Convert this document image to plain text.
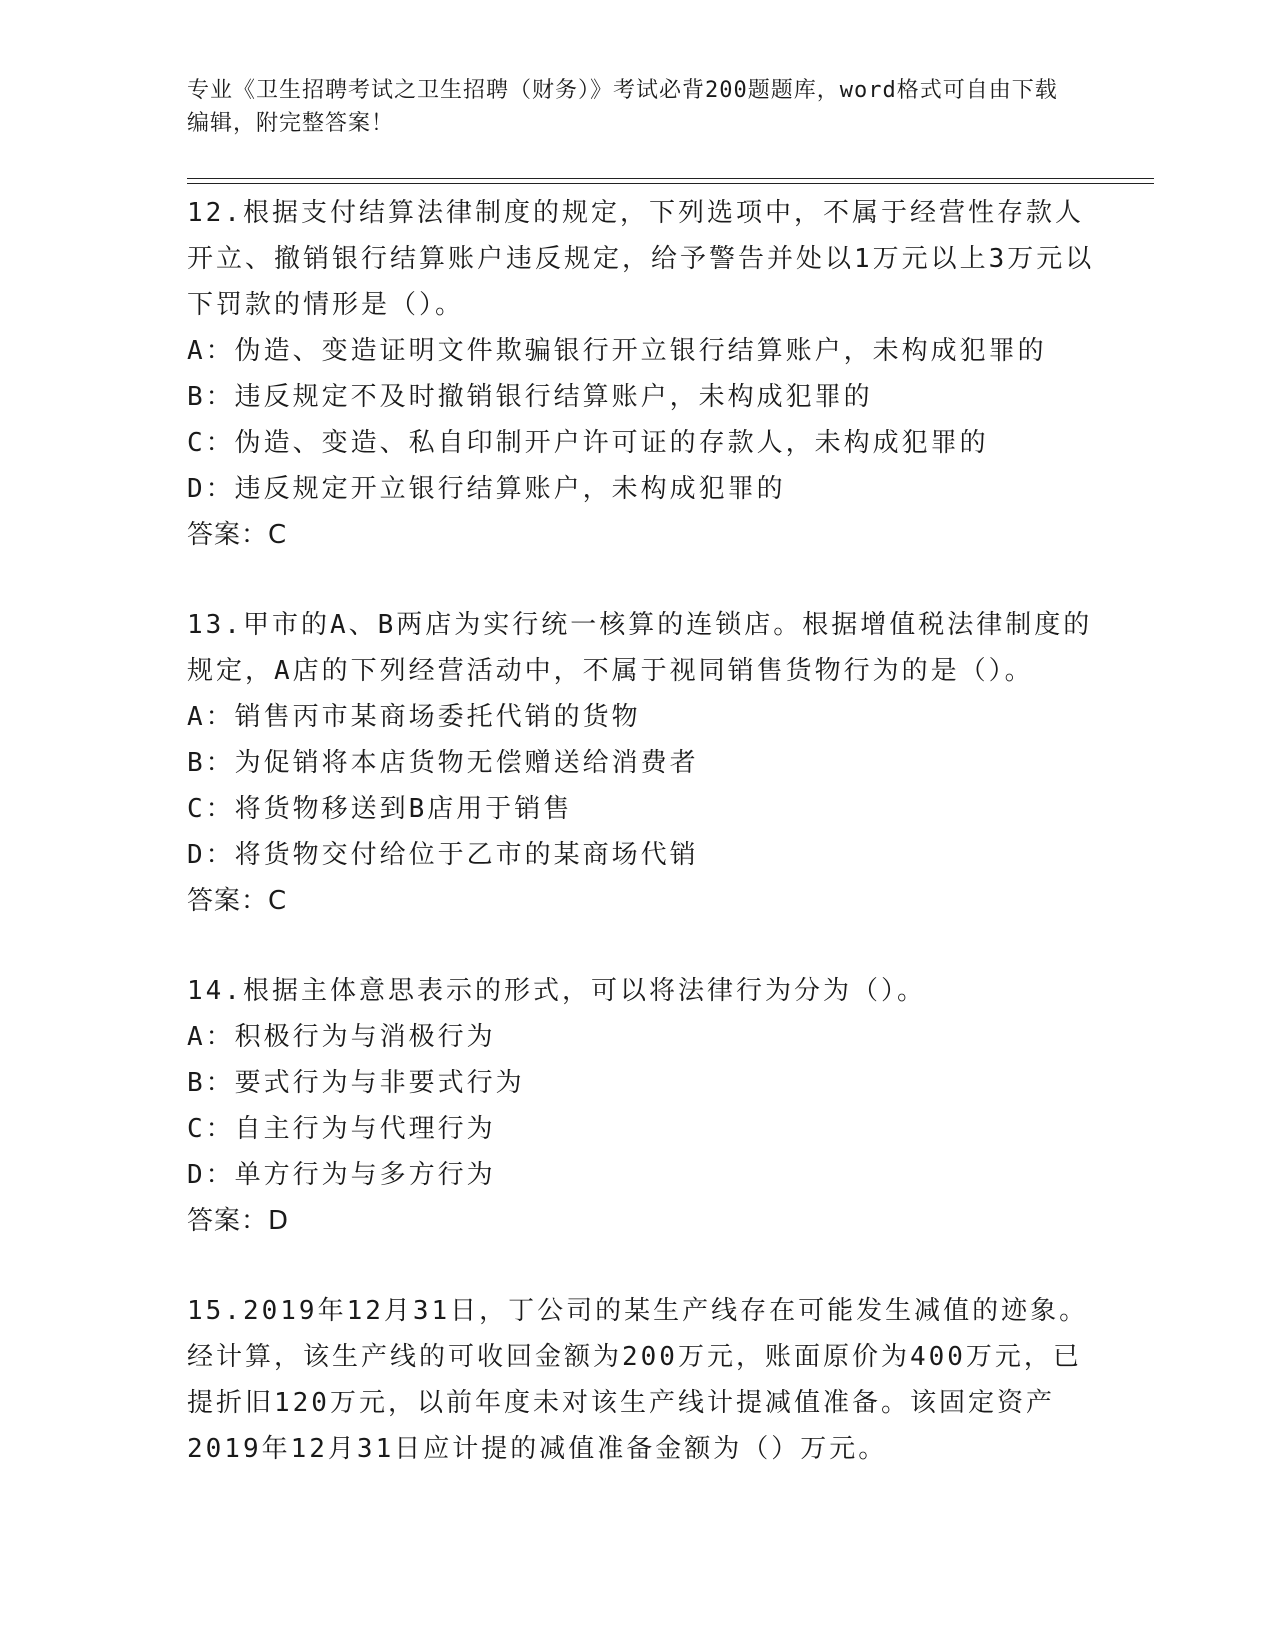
专业《卫生招聘考试之卫生招聘（财务）》考试必背200题题库，word格式可自由下载编辑，附完整答案！

12.根据支付结算法律制度的规定，下列选项中，不属于经营性存款人开立、撤销银行结算账户违反规定，给予警告并处以1万元以上3万元以下罚款的情形是（）。

A：伪造、变造证明文件欺骗银行开立银行结算账户，未构成犯罪的

B：违反规定不及时撤销银行结算账户，未构成犯罪的

C：伪造、变造、私自印制开户许可证的存款人，未构成犯罪的

D：违反规定开立银行结算账户，未构成犯罪的

答案：C

13.甲市的A、B两店为实行统一核算的连锁店。根据增值税法律制度的规定，A店的下列经营活动中，不属于视同销售货物行为的是（）。

A：销售丙市某商场委托代销的货物

B：为促销将本店货物无偿赠送给消费者

C：将货物移送到B店用于销售

D：将货物交付给位于乙市的某商场代销

答案：C

14.根据主体意思表示的形式，可以将法律行为分为（）。

A：积极行为与消极行为

B：要式行为与非要式行为

C：自主行为与代理行为

D：单方行为与多方行为

答案：D

15.2019年12月31日，丁公司的某生产线存在可能发生减值的迹象。经计算，该生产线的可收回金额为200万元，账面原价为400万元，已提折旧120万元，以前年度未对该生产线计提减值准备。该固定资产2019年12月31日应计提的减值准备金额为（）万元。
